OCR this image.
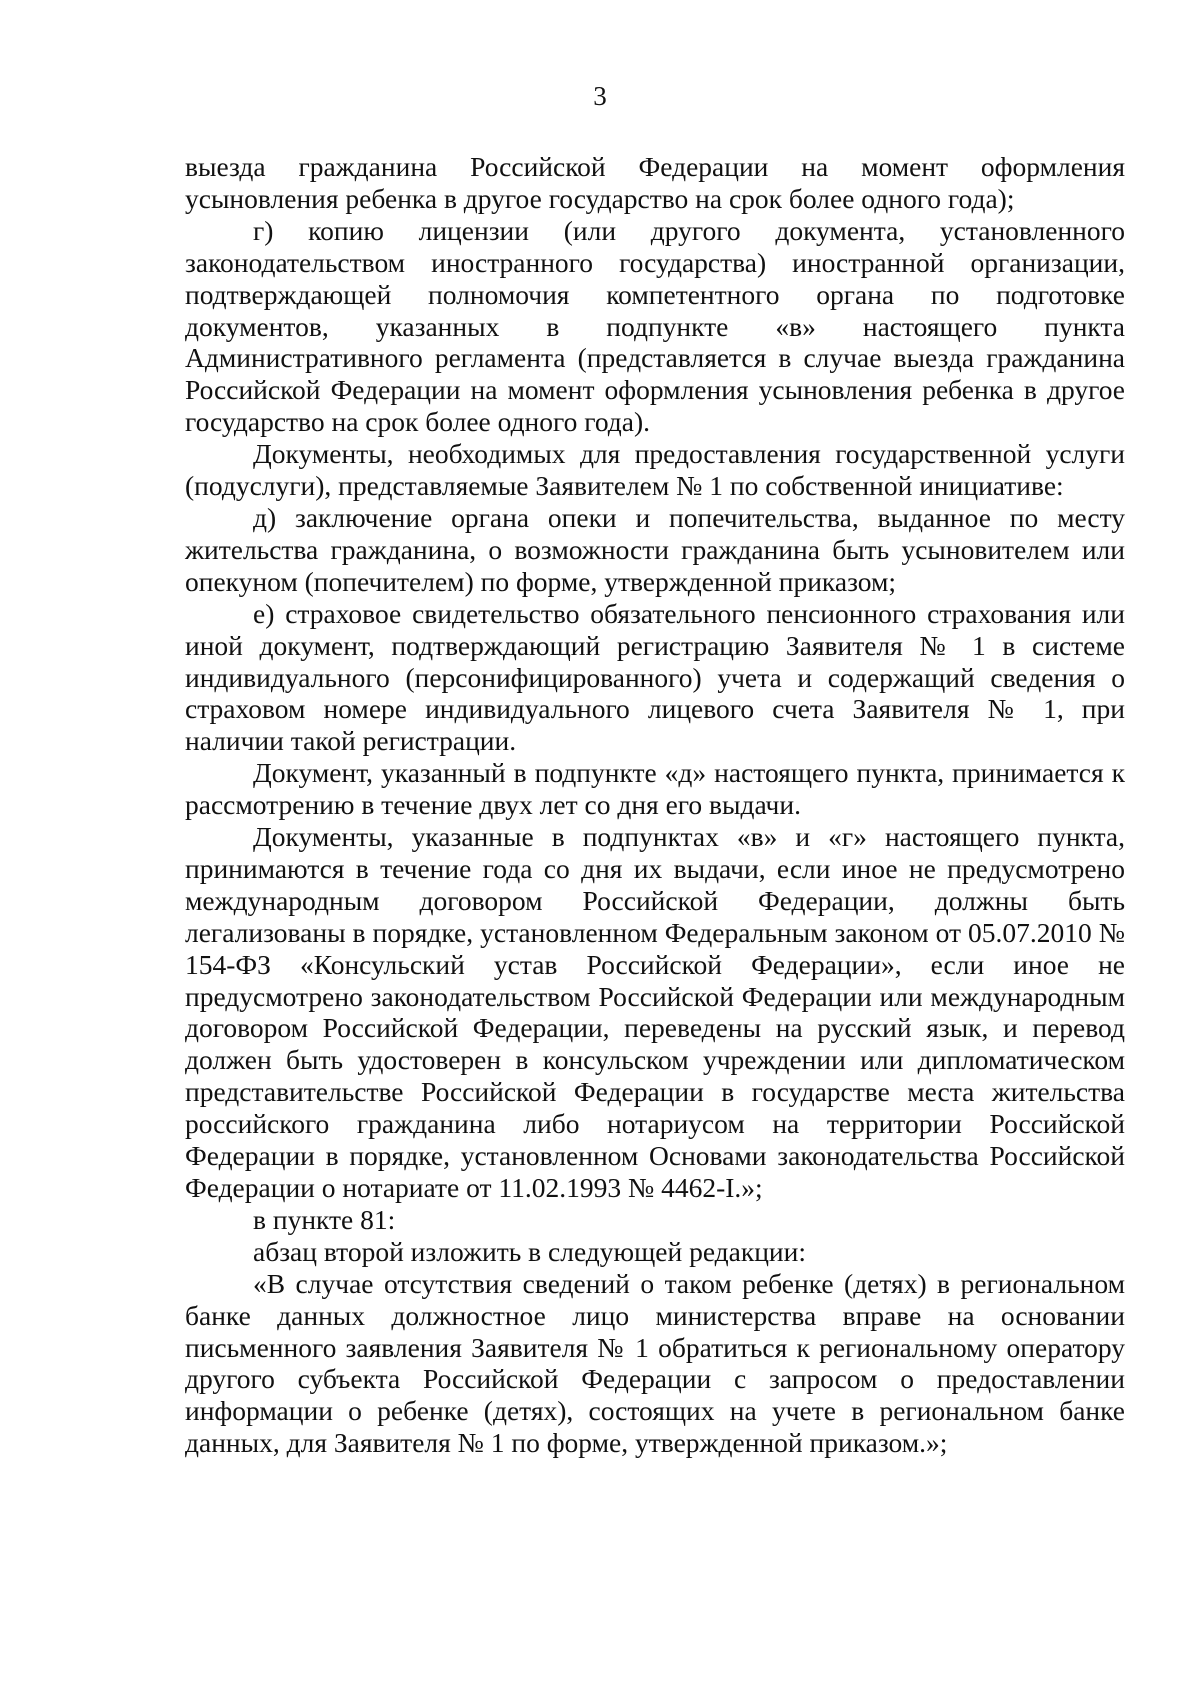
3

выезда гражданина Российской Федерации на момент оформления усыновления ребенка в другое государство на срок более одного года);

г) копию лицензии (или другого документа, установленного законодательством иностранного государства) иностранной организации, подтверждающей полномочия компетентного органа по подготовке документов, указанных в подпункте «в» настоящего пункта Административного регламента (представляется в случае выезда гражданина Российской Федерации на момент оформления усыновления ребенка в другое государство на срок более одного года).

Документы, необходимых для предоставления государственной услуги (подуслуги), представляемые Заявителем № 1 по собственной инициативе:

д) заключение органа опеки и попечительства, выданное по месту жительства гражданина, о возможности гражданина быть усыновителем или опекуном (попечителем) по форме, утвержденной приказом;

е) страховое свидетельство обязательного пенсионного страхования или иной документ, подтверждающий регистрацию Заявителя № 1 в системе индивидуального (персонифицированного) учета и содержащий сведения о страховом номере индивидуального лицевого счета Заявителя № 1, при наличии такой регистрации.

Документ, указанный в подпункте «д» настоящего пункта, принимается к рассмотрению в течение двух лет со дня его выдачи.

Документы, указанные в подпунктах «в» и «г» настоящего пункта, принимаются в течение года со дня их выдачи, если иное не предусмотрено международным договором Российской Федерации, должны быть легализованы в порядке, установленном Федеральным законом от 05.07.2010 № 154-ФЗ «Консульский устав Российской Федерации», если иное не предусмотрено законодательством Российской Федерации или международным договором Российской Федерации, переведены на русский язык, и перевод должен быть удостоверен в консульском учреждении или дипломатическом представительстве Российской Федерации в государстве места жительства российского гражданина либо нотариусом на территории Российской Федерации в порядке, установленном Основами законодательства Российской Федерации о нотариате от 11.02.1993 № 4462-I.»;

в пункте 81:

абзац второй изложить в следующей редакции:

«В случае отсутствия сведений о таком ребенке (детях) в региональном банке данных должностное лицо министерства вправе на основании письменного заявления Заявителя № 1 обратиться к региональному оператору другого субъекта Российской Федерации с запросом о предоставлении информации о ребенке (детях), состоящих на учете в региональном банке данных, для Заявителя № 1 по форме, утвержденной приказом.»;
